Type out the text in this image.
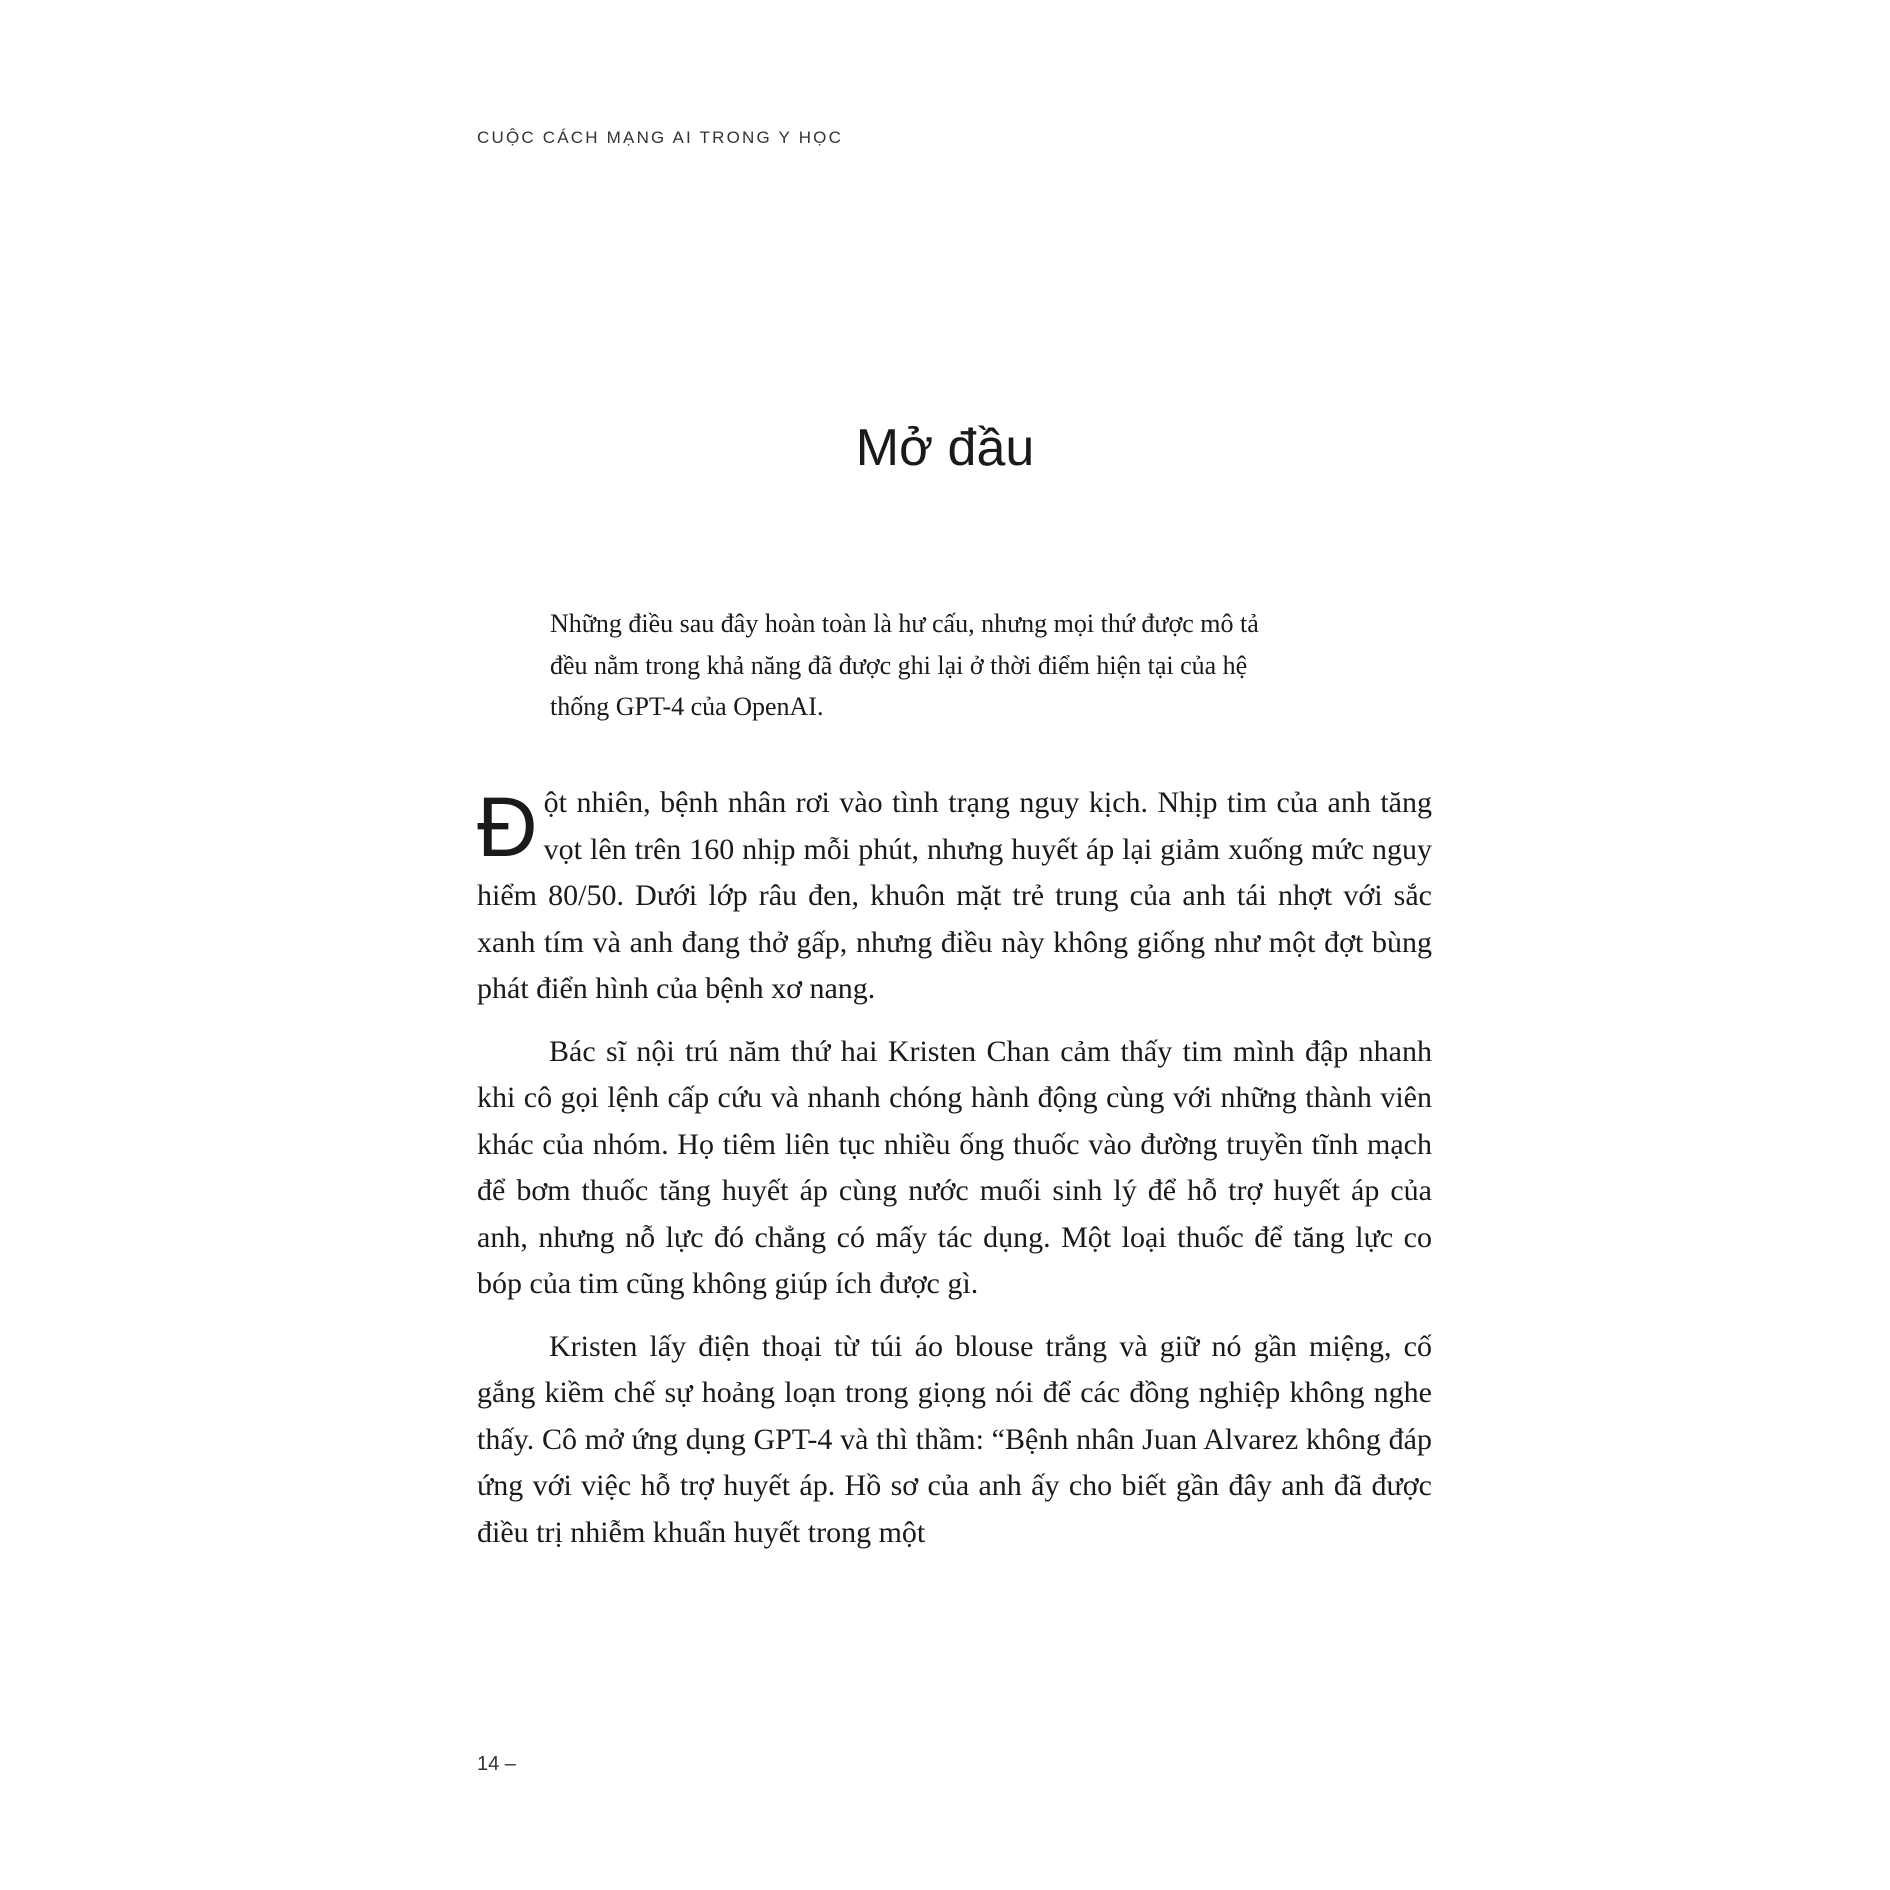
CUỘC CÁCH MẠNG AI TRONG Y HỌC
Mở đầu

Những điều sau đây hoàn toàn là hư cấu, nhưng mọi thứ được mô tả đều nằm trong khả năng đã được ghi lại ở thời điểm hiện tại của hệ thống GPT-4 của OpenAI.

Đột nhiên, bệnh nhân rơi vào tình trạng nguy kịch. Nhịp tim của anh tăng vọt lên trên 160 nhịp mỗi phút, nhưng huyết áp lại giảm xuống mức nguy hiểm 80/50. Dưới lớp râu đen, khuôn mặt trẻ trung của anh tái nhợt với sắc xanh tím và anh đang thở gấp, nhưng điều này không giống như một đợt bùng phát điển hình của bệnh xơ nang.

Bác sĩ nội trú năm thứ hai Kristen Chan cảm thấy tim mình đập nhanh khi cô gọi lệnh cấp cứu và nhanh chóng hành động cùng với những thành viên khác của nhóm. Họ tiêm liên tục nhiều ống thuốc vào đường truyền tĩnh mạch để bơm thuốc tăng huyết áp cùng nước muối sinh lý để hỗ trợ huyết áp của anh, nhưng nỗ lực đó chẳng có mấy tác dụng. Một loại thuốc để tăng lực co bóp của tim cũng không giúp ích được gì.

Kristen lấy điện thoại từ túi áo blouse trắng và giữ nó gần miệng, cố gắng kiềm chế sự hoảng loạn trong giọng nói để các đồng nghiệp không nghe thấy. Cô mở ứng dụng GPT-4 và thì thầm: “Bệnh nhân Juan Alvarez không đáp ứng với việc hỗ trợ huyết áp. Hồ sơ của anh ấy cho biết gần đây anh đã được điều trị nhiễm khuẩn huyết trong một

14 –
